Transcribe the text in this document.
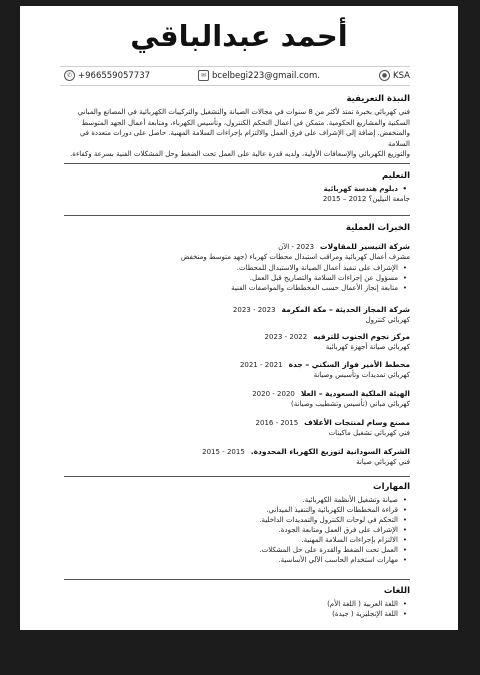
أحمد عبدالباقي
✆ +966559057737	✉ bcelbegi223@gmail.com.	● KSA
النبذة التعريفية

فني كهربائي بخبرة تمتد لأكثر من 8 سنوات في مجالات الصيانة والتشغيل والتركيبات الكهربائية في المصانع والمباني

السكنية والمشاريع الحكومية. متمكن في أعمال التحكم الكنترول، وتأسيس الكهرباء، ومتابعة أعمال الجهد المتوسط

والمنخفض. إضافة إلى الإشراف على فرق العمل والالتزام بإجراءات السلامة المهنية. حاصل على دورات متعددة في السلامة

والتوزيع الكهربائي والإسعافات الأولية، ولديه قدرة عالية على العمل تحت الضغط وحل المشكلات الفنية بسرعة وكفاءة.

التعليم
• دبلوم هندسة كهربائية

جامعة النيلين؟ 2012 – 2015

الخبرات العملية
شركة التيسير للمقاولات2023 - الآن
مشرف أعمال كهربائية ومراقب استبدال محطات كهرباء (جهد متوسط ومنخفض
• الإشراف على تنفيذ أعمال الصيانة والاستبدال للمحطات.
• مسؤول عن إجراءات السلامة والتصاريح قبل العمل.
• متابعة إنجاز الأعمال حسب المخططات والمواصفات الفنية
شركة المجاز الحديثة – مكة المكرمة2023 - 2023
كهربائي كنترول
مركز نجوم الجنوب للترفيه2022 - 2023
كهربائي صيانة أجهزة كهربائية
محطط الأمير فواز السكني – جدة2021 - 2021
كهربائي تمديدات وتأسيس وصيانة
الهيئة الملكية السعودية – العلا2020 - 2020
كهربائي مباني (تأسيس وتشطيب وصيانة)
مصنع وسام لمنتجات الأعلاف2015 - 2016
فني كهربائي تشغيل ماكينات
الشركة السودانية لتوزيع الكهرباء المحدودة.2015 - 2015
فني كهربائي صيانة
المهارات
• صيانة وتشغيل الأنظمة الكهربائية.
• قراءة المخططات الكهربائية والتنفيذ الميداني.
• التحكم في لوحات الكنترول والتمديدات الداخلية.
• الإشراف على فرق العمل ومتابعة الجودة.
• الالتزام بإجراءات السلامة المهنية.
• العمل تحت الضغط والقدرة على حل المشكلات.
• مهارات استخدام الحاسب الآلي الأساسية.
اللغات
• اللغة العربية ( اللغة الأم)
• اللغة الإنجليزية ( جيدة)
